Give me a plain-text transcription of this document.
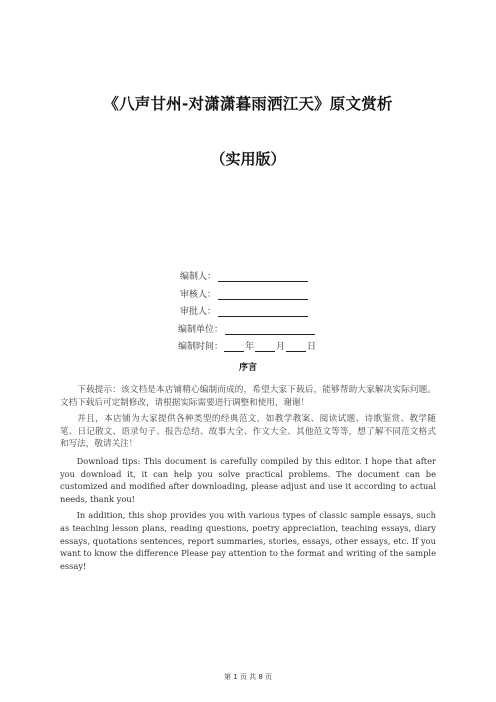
《八声甘州-对潇潇暮雨洒江天》原文赏析
（实用版）
编制人：
审核人：
审批人：
编制单位：
编制时间： 年 月 日
序言

下载提示：该文档是本店铺精心编制而成的，希望大家下载后，能够帮助大家解决实际问题。文档下载后可定制修改，请根据实际需要进行调整和使用，谢谢！

并且，本店铺为大家提供各种类型的经典范文，如教学教案、阅读试题、诗歌鉴赏、教学随笔、日记散文、语录句子、报告总结、故事大全、作文大全、其他范文等等，想了解不同范文格式和写法，敬请关注！

Download tips: This document is carefully compiled by this editor. I hope that after you download it, it can help you solve practical problems. The document can be customized and modified after downloading, please adjust and use it according to actual needs, thank you!

In addition, this shop provides you with various types of classic sample essays, such as teaching lesson plans, reading questions, poetry appreciation, teaching essays, diary essays, quotations sentences, report summaries, stories, essays, other essays, etc. If you want to know the difference Please pay attention to the format and writing of the sample essay!

第 1 页 共 8 页
